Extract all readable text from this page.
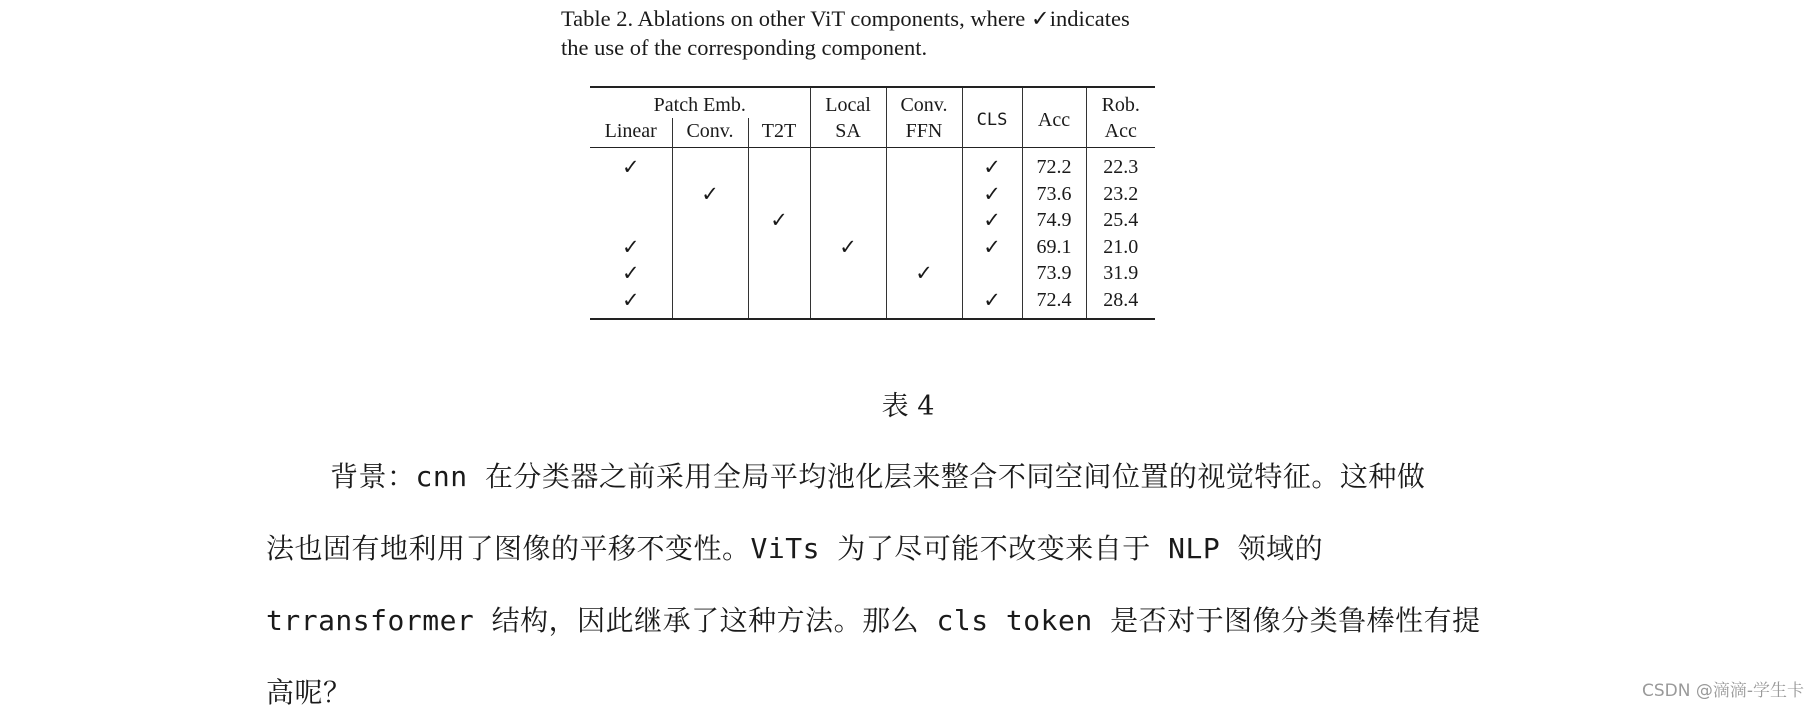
Table 2. Ablations on other ViT components, where ✓indicates
the use of the corresponding component.
Patch Emb.			Local	Conv.	CLS	Acc	Rob.
Linear	Conv.	T2T	SA	FFN			Acc
✓					✓	72.2	22.3
	✓				✓	73.6	23.2
		✓			✓	74.9	25.4
✓			✓		✓	69.1	21.0
✓				✓		73.9	31.9
✓					✓	72.4	28.4
表 4
背景：cnn 在分类器之前采用全局平均池化层来整合不同空间位置的视觉特征。这种做
法也固有地利用了图像的平移不变性。ViTs 为了尽可能不改变来自于 NLP 领域的
trransformer 结构，因此继承了这种方法。那么 cls token 是否对于图像分类鲁棒性有提
高呢？	CSDN @滴滴-学生卡
